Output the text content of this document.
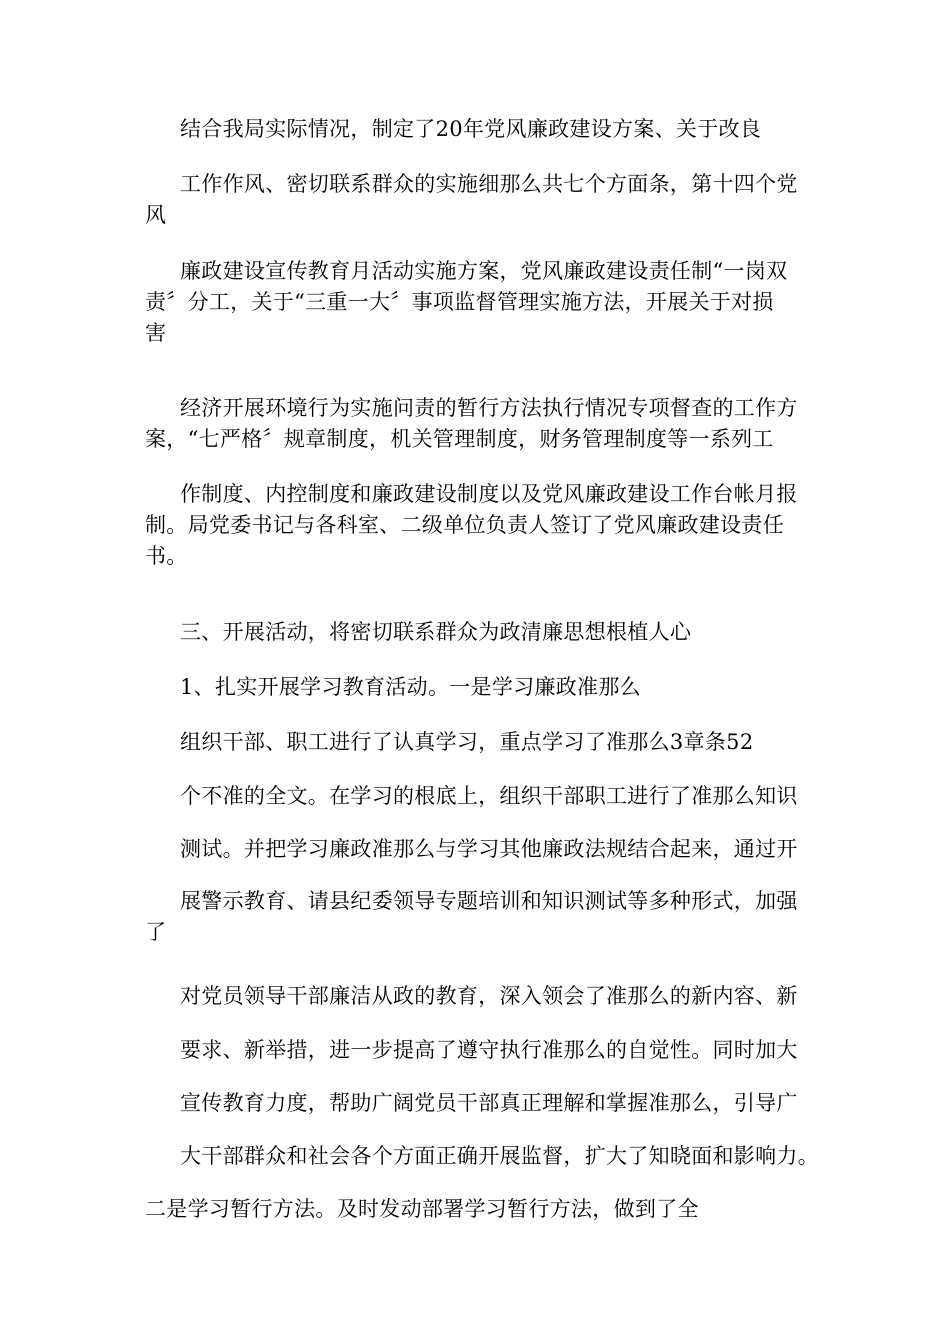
结合我局实际情况，制定了20年党风廉政建设方案、关于改良
工作作风、密切联系群众的实施细那么共七个方面条，第十四个党
风
廉政建设宣传教育月活动实施方案，党风廉政建设责任制“一岗双
责〞分工，关于“三重一大〞事项监督管理实施方法，开展关于对损
害
经济开展环境行为实施问责的暂行方法执行情况专项督查的工作方
案，“七严格〞规章制度，机关管理制度，财务管理制度等一系列工
作制度、内控制度和廉政建设制度以及党风廉政建设工作台帐月报
制。局党委书记与各科室、二级单位负责人签订了党风廉政建设责任
书。
三、开展活动，将密切联系群众为政清廉思想根植人心
1、扎实开展学习教育活动。一是学习廉政准那么
组织干部、职工进行了认真学习，重点学习了准那么3章条52
个不准的全文。在学习的根底上，组织干部职工进行了准那么知识
测试。并把学习廉政准那么与学习其他廉政法规结合起来，通过开
展警示教育、请县纪委领导专题培训和知识测试等多种形式，加强
了
对党员领导干部廉洁从政的教育，深入领会了准那么的新内容、新
要求、新举措，进一步提高了遵守执行准那么的自觉性。同时加大
宣传教育力度，帮助广阔党员干部真正理解和掌握准那么，引导广
大干部群众和社会各个方面正确开展监督，扩大了知晓面和影响力。
二是学习暂行方法。及时发动部署学习暂行方法，做到了全
